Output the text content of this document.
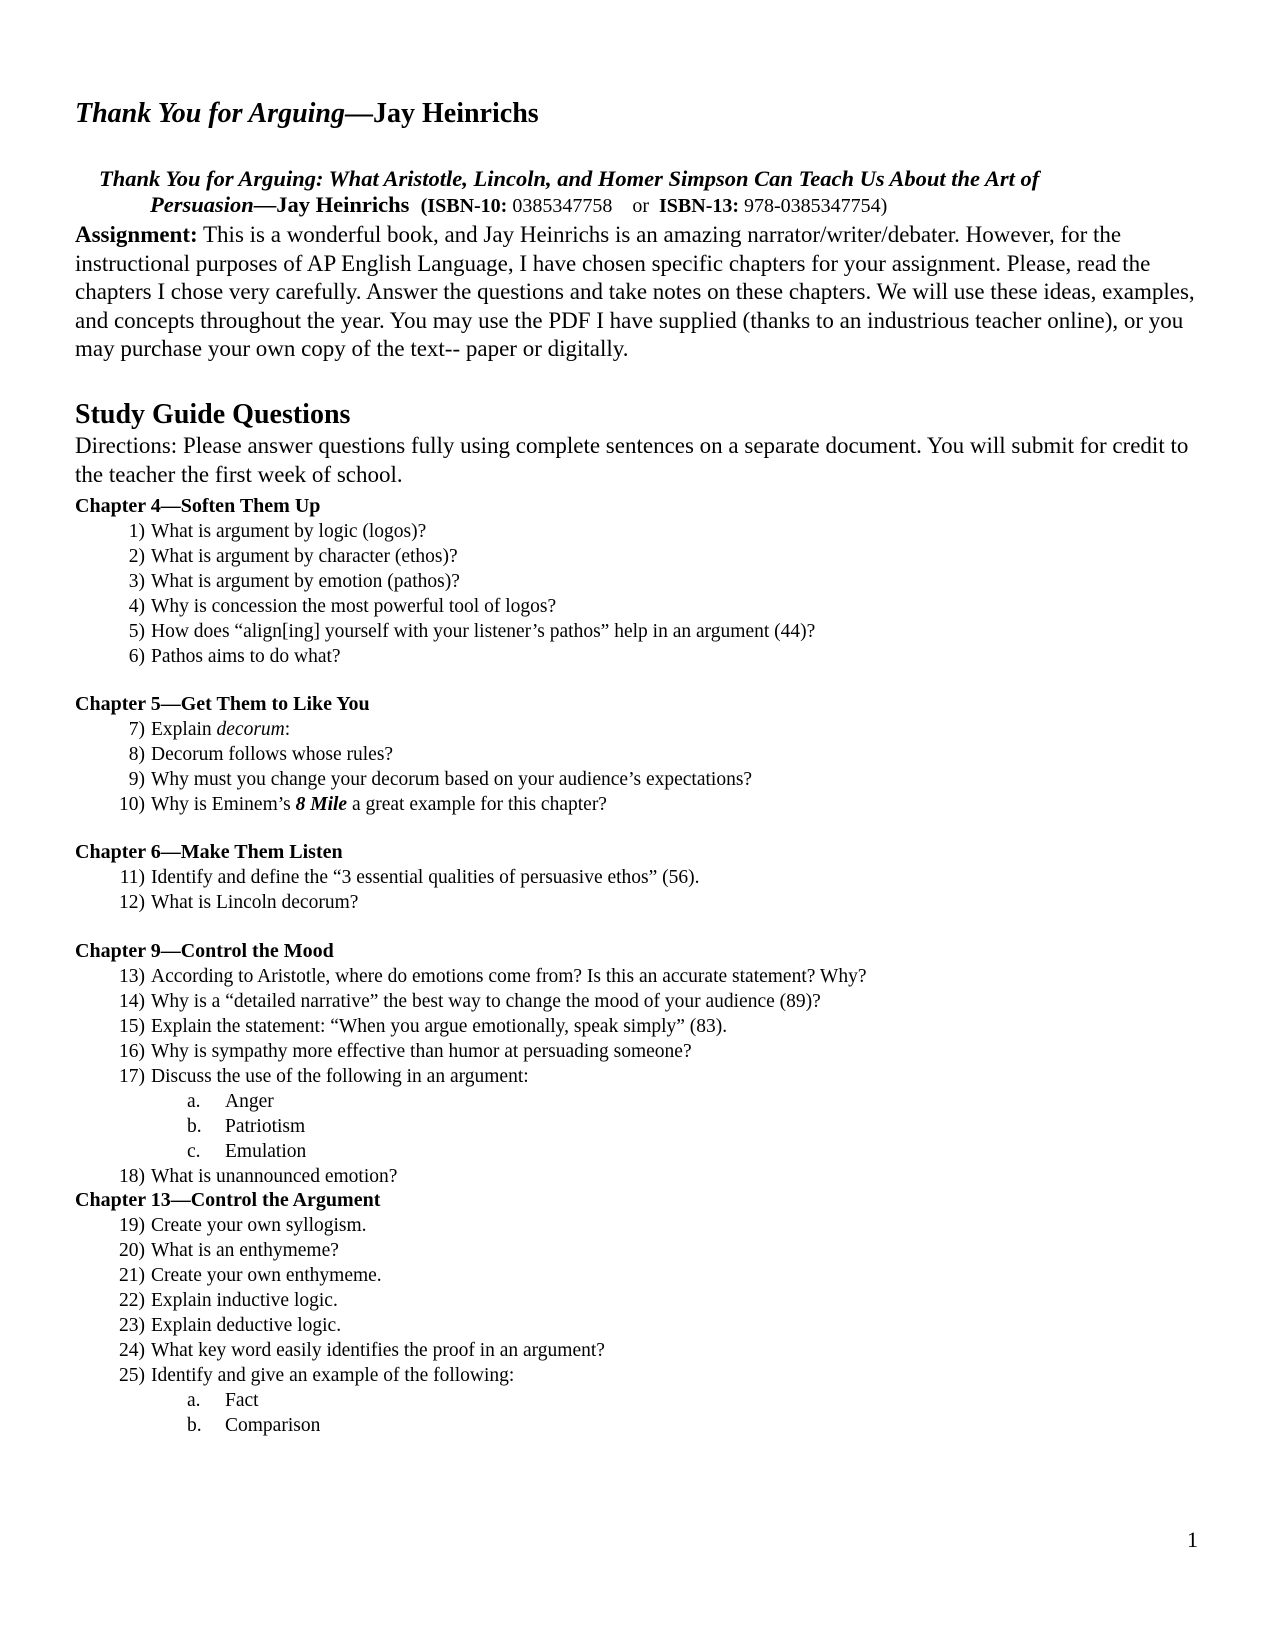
Thank You for Arguing—Jay Heinrichs
Thank You for Arguing: What Aristotle, Lincoln, and Homer Simpson Can Teach Us About the Art of
Persuasion—Jay Heinrichs (ISBN-10: 0385347758    or  ISBN-13: 978-0385347754)
Assignment: This is a wonderful book, and Jay Heinrichs is an amazing narrator/writer/debater. However, for the instructional purposes of AP English Language, I have chosen specific chapters for your assignment. Please, read the chapters I chose very carefully. Answer the questions and take notes on these chapters. We will use these ideas, examples, and concepts throughout the year. You may use the PDF I have supplied (thanks to an industrious teacher online), or you may purchase your own copy of the text-- paper or digitally.
Study Guide Questions
Directions: Please answer questions fully using complete sentences on a separate document. You will submit for credit to the teacher the first week of school.
Chapter 4—Soften Them Up
1) What is argument by logic (logos)?
2) What is argument by character (ethos)?
3) What is argument by emotion (pathos)?
4) Why is concession the most powerful tool of logos?
5) How does “align[ing] yourself with your listener’s pathos” help in an argument (44)?
6) Pathos aims to do what?
Chapter 5—Get Them to Like You
7) Explain decorum:
8) Decorum follows whose rules?
9) Why must you change your decorum based on your audience’s expectations?
10) Why is Eminem’s 8 Mile a great example for this chapter?
Chapter 6—Make Them Listen
11) Identify and define the “3 essential qualities of persuasive ethos” (56).
12) What is Lincoln decorum?
Chapter 9—Control the Mood
13) According to Aristotle, where do emotions come from? Is this an accurate statement? Why?
14) Why is a “detailed narrative” the best way to change the mood of your audience (89)?
15) Explain the statement: “When you argue emotionally, speak simply” (83).
16) Why is sympathy more effective than humor at persuading someone?
17) Discuss the use of the following in an argument:
a. Anger
b. Patriotism
c. Emulation
18) What is unannounced emotion?
Chapter 13—Control the Argument
19) Create your own syllogism.
20) What is an enthymeme?
21) Create your own enthymeme.
22) Explain inductive logic.
23) Explain deductive logic.
24) What key word easily identifies the proof in an argument?
25) Identify and give an example of the following:
a. Fact
b. Comparison
1
